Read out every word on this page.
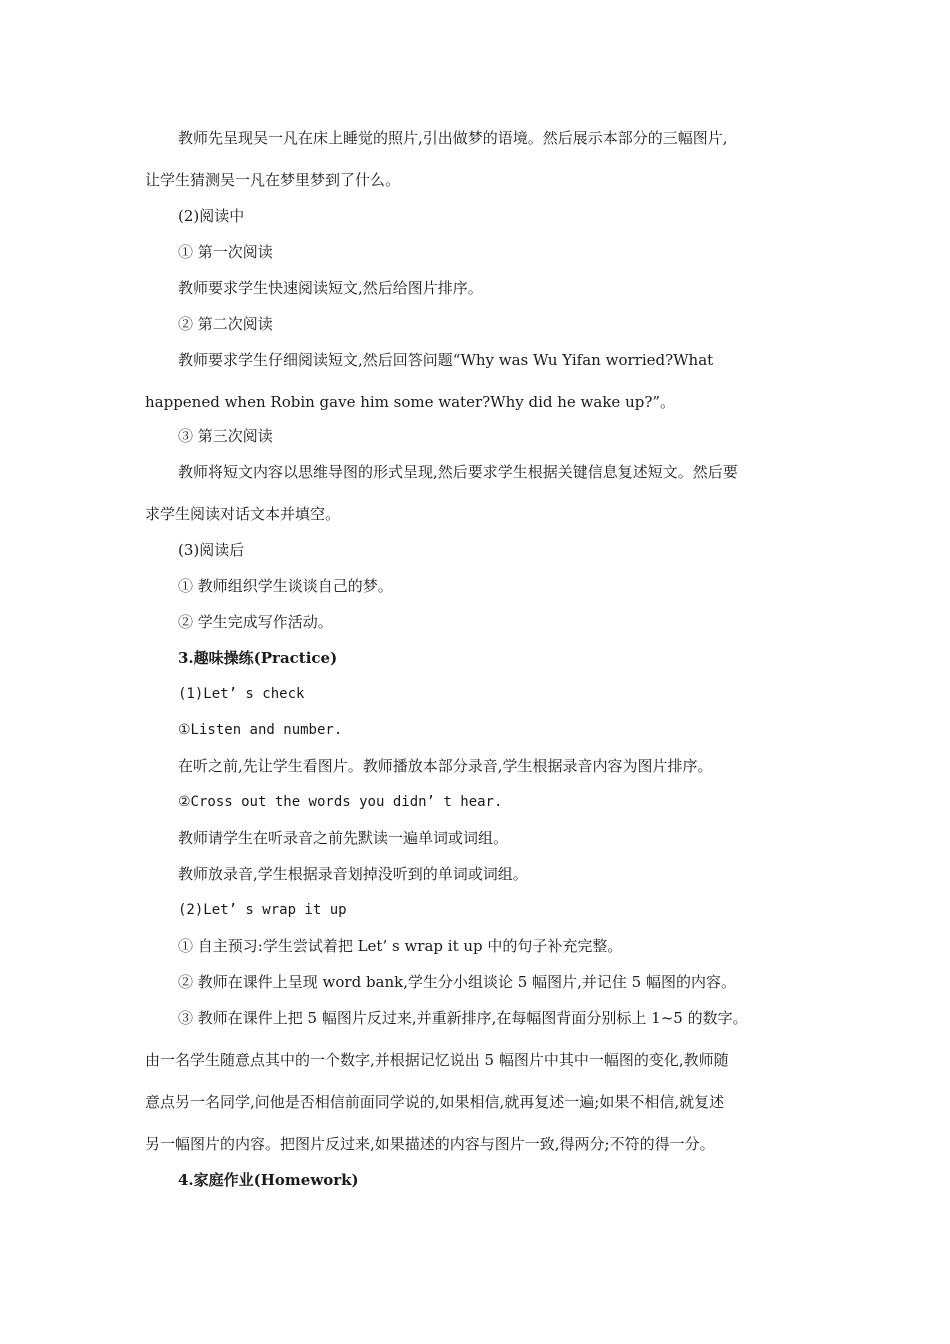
教师先呈现吴一凡在床上睡觉的照片,引出做梦的语境。然后展示本部分的三幅图片,
让学生猜测吴一凡在梦里梦到了什么。
(2)阅读中
① 第一次阅读
教师要求学生快速阅读短文,然后给图片排序。
② 第二次阅读
教师要求学生仔细阅读短文,然后回答问题“Why was Wu Yifan worried?What
happened when Robin gave him some water?Why did he wake up?”。
③ 第三次阅读
教师将短文内容以思维导图的形式呈现,然后要求学生根据关键信息复述短文。然后要
求学生阅读对话文本并填空。
(3)阅读后
① 教师组织学生谈谈自己的梦。
② 学生完成写作活动。
3.趣味操练(Practice)
(1)Let’ s check
①Listen and number.
在听之前,先让学生看图片。教师播放本部分录音,学生根据录音内容为图片排序。
②Cross out the words you didn’ t hear.
教师请学生在听录音之前先默读一遍单词或词组。
教师放录音,学生根据录音划掉没听到的单词或词组。
(2)Let’ s wrap it up
① 自主预习:学生尝试着把 Let’ s wrap it up 中的句子补充完整。
② 教师在课件上呈现 word bank,学生分小组谈论 5 幅图片,并记住 5 幅图的内容。
③ 教师在课件上把 5 幅图片反过来,并重新排序,在每幅图背面分别标上 1~5 的数字。
由一名学生随意点其中的一个数字,并根据记忆说出 5 幅图片中其中一幅图的变化,教师随
意点另一名同学,问他是否相信前面同学说的,如果相信,就再复述一遍;如果不相信,就复述
另一幅图片的内容。把图片反过来,如果描述的内容与图片一致,得两分;不符的得一分。
4.家庭作业(Homework)
